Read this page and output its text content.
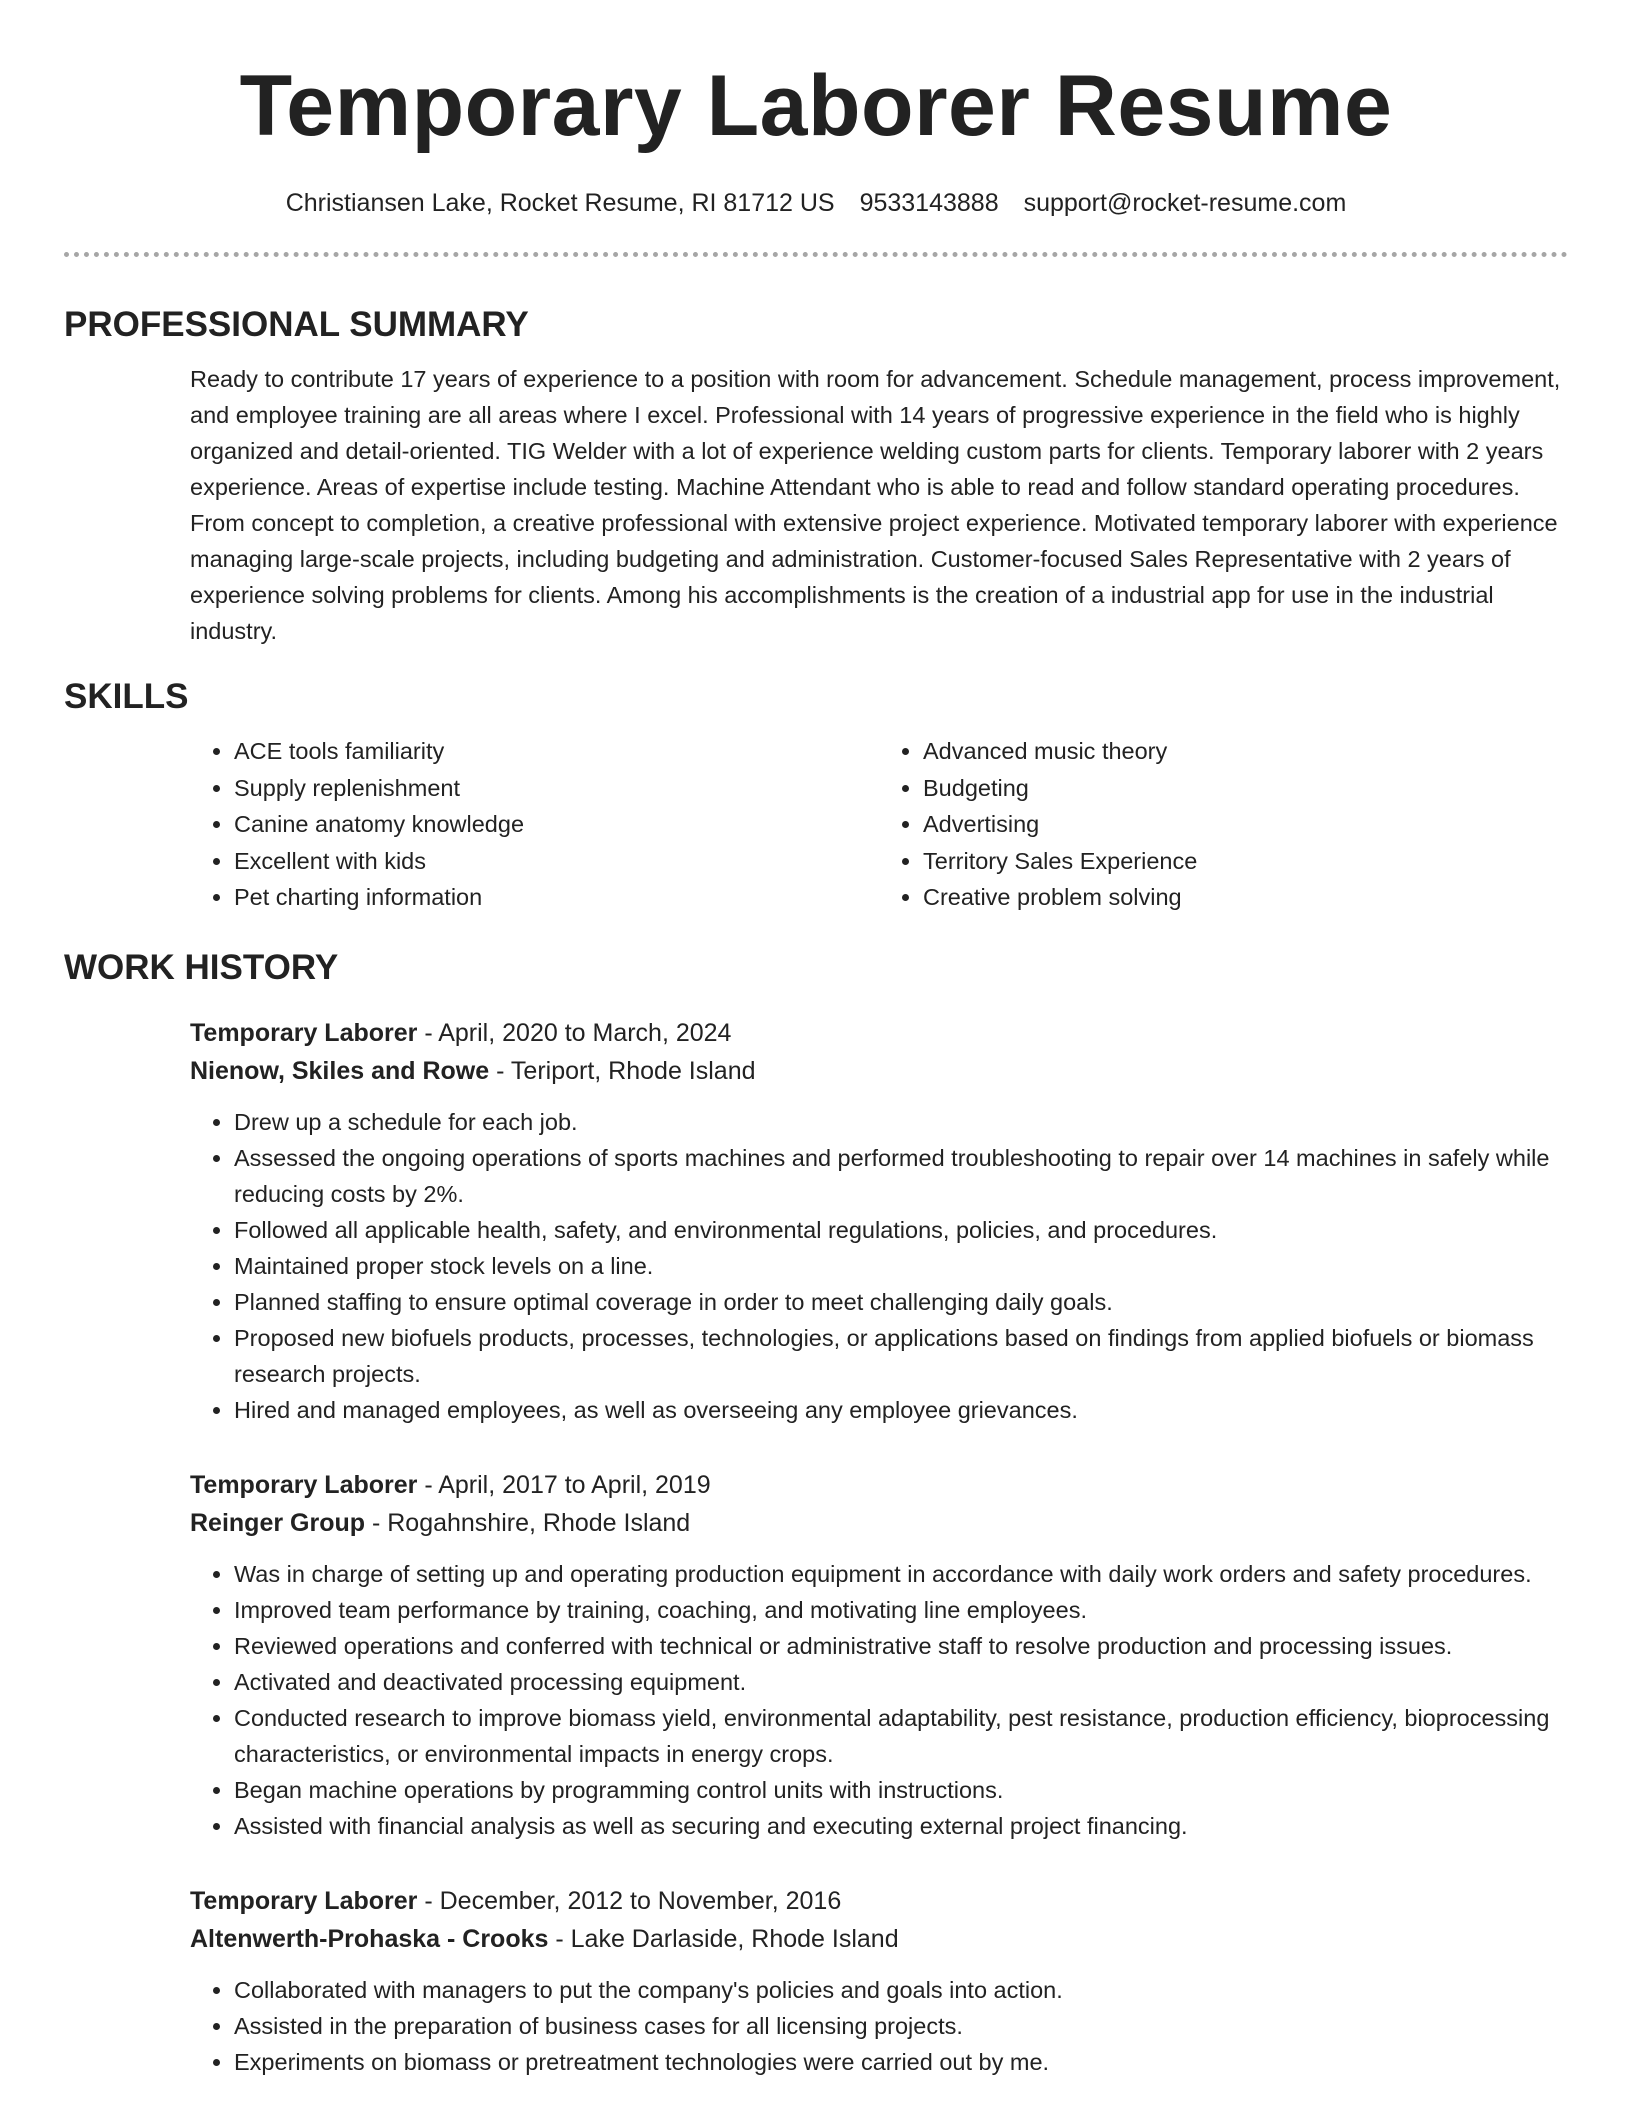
Temporary Laborer Resume
Christiansen Lake, Rocket Resume, RI 81712 US 9533143888 support@rocket-resume.com
PROFESSIONAL SUMMARY
Ready to contribute 17 years of experience to a position with room for advancement. Schedule management, process improvement, and employee training are all areas where I excel. Professional with 14 years of progressive experience in the field who is highly organized and detail-oriented. TIG Welder with a lot of experience welding custom parts for clients. Temporary laborer with 2 years experience. Areas of expertise include testing. Machine Attendant who is able to read and follow standard operating procedures. From concept to completion, a creative professional with extensive project experience. Motivated temporary laborer with experience managing large-scale projects, including budgeting and administration. Customer-focused Sales Representative with 2 years of experience solving problems for clients. Among his accomplishments is the creation of a industrial app for use in the industrial industry.
SKILLS
• ACE tools familiarity
• Supply replenishment
• Canine anatomy knowledge
• Excellent with kids
• Pet charting information
• Advanced music theory
• Budgeting
• Advertising
• Territory Sales Experience
• Creative problem solving
WORK HISTORY
Temporary Laborer - April, 2020 to March, 2024
Nienow, Skiles and Rowe - Teriport, Rhode Island
• Drew up a schedule for each job.
• Assessed the ongoing operations of sports machines and performed troubleshooting to repair over 14 machines in safely while reducing costs by 2%.
• Followed all applicable health, safety, and environmental regulations, policies, and procedures.
• Maintained proper stock levels on a line.
• Planned staffing to ensure optimal coverage in order to meet challenging daily goals.
• Proposed new biofuels products, processes, technologies, or applications based on findings from applied biofuels or biomass research projects.
• Hired and managed employees, as well as overseeing any employee grievances.
Temporary Laborer - April, 2017 to April, 2019
Reinger Group - Rogahnshire, Rhode Island
• Was in charge of setting up and operating production equipment in accordance with daily work orders and safety procedures.
• Improved team performance by training, coaching, and motivating line employees.
• Reviewed operations and conferred with technical or administrative staff to resolve production and processing issues.
• Activated and deactivated processing equipment.
• Conducted research to improve biomass yield, environmental adaptability, pest resistance, production efficiency, bioprocessing characteristics, or environmental impacts in energy crops.
• Began machine operations by programming control units with instructions.
• Assisted with financial analysis as well as securing and executing external project financing.
Temporary Laborer - December, 2012 to November, 2016
Altenwerth-Prohaska - Crooks - Lake Darlaside, Rhode Island
• Collaborated with managers to put the company's policies and goals into action.
• Assisted in the preparation of business cases for all licensing projects.
• Experiments on biomass or pretreatment technologies were carried out by me.
